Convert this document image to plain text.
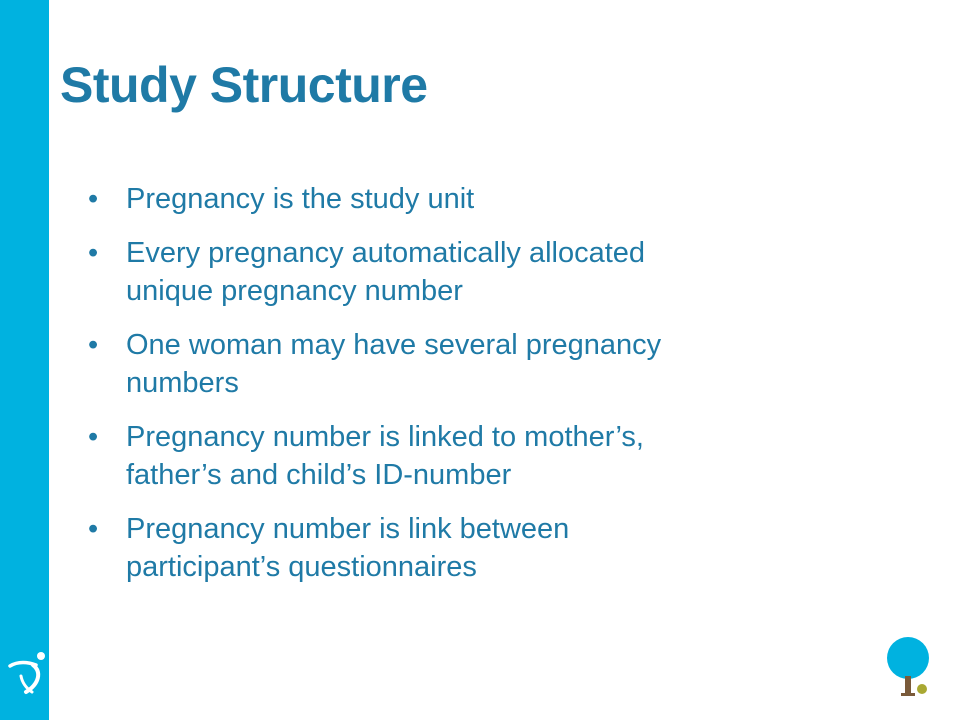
Study Structure
• Pregnancy is the study unit
• Every pregnancy automatically allocated
unique pregnancy number
• One woman may have several pregnancy
numbers
• Pregnancy number is linked to mother’s,
father’s and child’s ID-number
• Pregnancy number is link between
participant’s questionnaires
